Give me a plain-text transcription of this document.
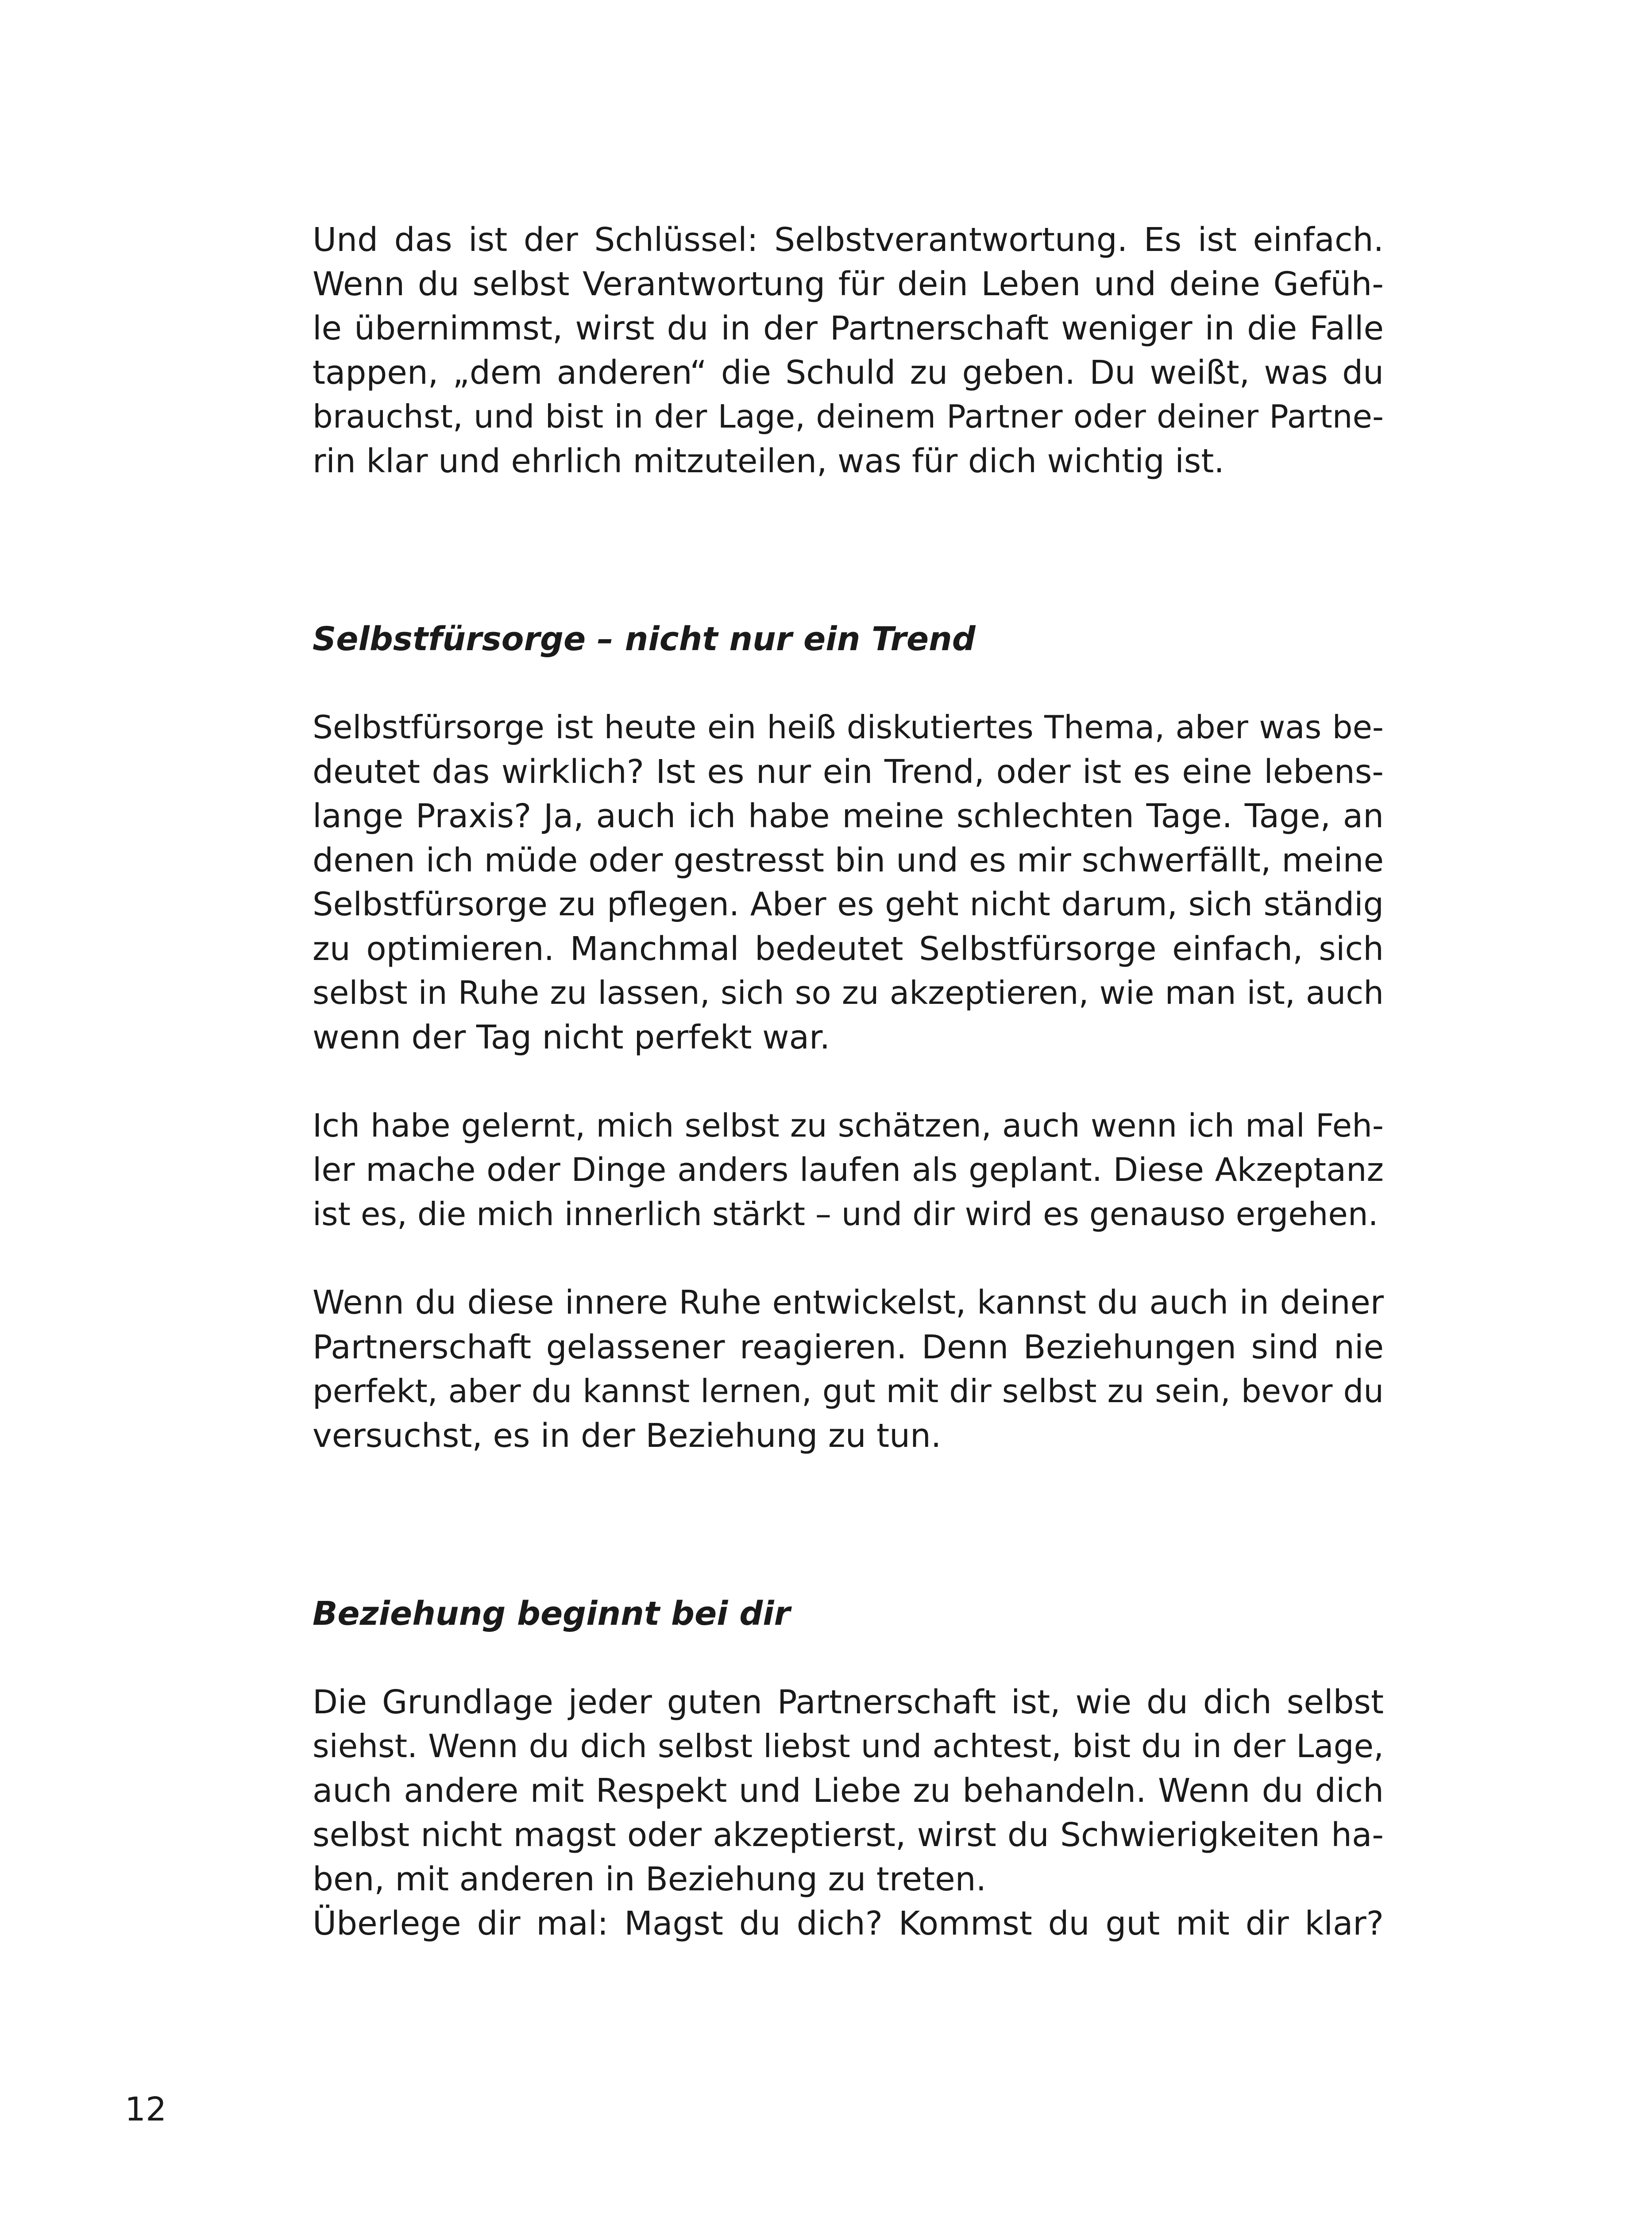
Und das ist der Schlüssel: Selbstverantwortung. Es ist einfach.
Wenn du selbst Verantwortung für dein Leben und deine Gefüh-
le übernimmst, wirst du in der Partnerschaft weniger in die Falle
tappen, „dem anderen“ die Schuld zu geben. Du weißt, was du
brauchst, und bist in der Lage, deinem Partner oder deiner Partne-
rin klar und ehrlich mitzuteilen, was für dich wichtig ist.
Selbstfürsorge – nicht nur ein Trend
Selbstfürsorge ist heute ein heiß diskutiertes Thema, aber was be-
deutet das wirklich? Ist es nur ein Trend, oder ist es eine lebens-
lange Praxis? Ja, auch ich habe meine schlechten Tage. Tage, an
denen ich müde oder gestresst bin und es mir schwerfällt, meine
Selbstfürsorge zu pflegen. Aber es geht nicht darum, sich ständig
zu optimieren. Manchmal bedeutet Selbstfürsorge einfach, sich
selbst in Ruhe zu lassen, sich so zu akzeptieren, wie man ist, auch
wenn der Tag nicht perfekt war.
Ich habe gelernt, mich selbst zu schätzen, auch wenn ich mal Feh-
ler mache oder Dinge anders laufen als geplant. Diese Akzeptanz
ist es, die mich innerlich stärkt – und dir wird es genauso ergehen.
Wenn du diese innere Ruhe entwickelst, kannst du auch in deiner
Partnerschaft gelassener reagieren. Denn Beziehungen sind nie
perfekt, aber du kannst lernen, gut mit dir selbst zu sein, bevor du
versuchst, es in der Beziehung zu tun.
Beziehung beginnt bei dir
Die Grundlage jeder guten Partnerschaft ist, wie du dich selbst
siehst. Wenn du dich selbst liebst und achtest, bist du in der Lage,
auch andere mit Respekt und Liebe zu behandeln. Wenn du dich
selbst nicht magst oder akzeptierst, wirst du Schwierigkeiten ha-
ben, mit anderen in Beziehung zu treten.
Überlege dir mal: Magst du dich? Kommst du gut mit dir klar?
12
